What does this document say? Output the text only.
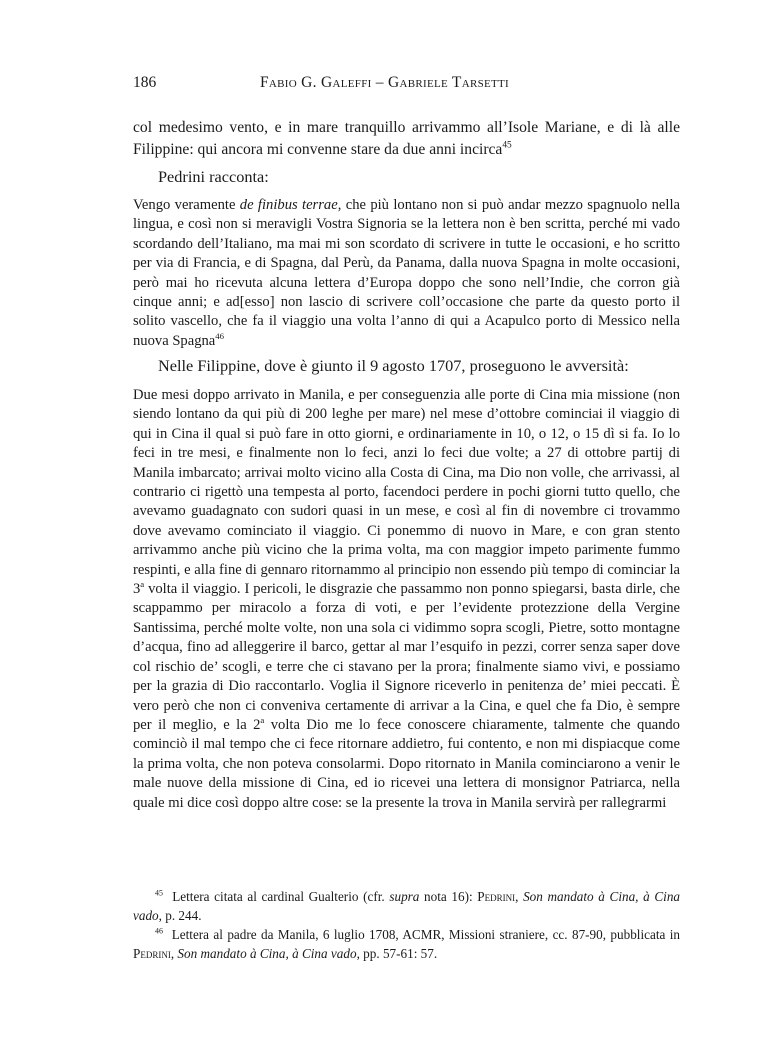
186	Fabio G. Galeffi – Gabriele Tarsetti

col medesimo vento, e in mare tranquillo arrivammo all’Isole Mariane, e di là alle Filippine: qui ancora mi convenne stare da due anni incirca$^{45}$

Pedrini racconta:

Vengo veramente de finibus terrae, che più lontano non si può andar mezzo spagnuolo nella lingua, e così non si meravigli Vostra Signoria se la lettera non è ben scritta, perché mi vado scordando dell’Italiano, ma mai mi son scordato di scrivere in tutte le occasioni, e ho scritto per via di Francia, e di Spagna, dal Perù, da Panama, dalla nuova Spagna in molte occasioni, però mai ho ricevuta alcuna lettera d’Europa doppo che sono nell’Indie, che corron già cinque anni; e ad[esso] non lascio di scrivere coll’occasione che parte da questo porto il solito vascello, che fa il viaggio una volta l’anno di qui a Acapulco porto di Messico nella nuova Spagna$^{46}$

Nelle Filippine, dove è giunto il 9 agosto 1707, proseguono le avversità:

Due mesi doppo arrivato in Manila, e per conseguenzia alle porte di Cina mia missione (non siendo lontano da qui più di 200 leghe per mare) nel mese d’ottobre cominciai il viaggio di qui in Cina il qual si può fare in otto giorni, e ordinariamente in 10, o 12, o 15 dì si fa. Io lo feci in tre mesi, e finalmente non lo feci, anzi lo feci due volte; a 27 di ottobre partij di Manila imbarcato; arrivai molto vicino alla Costa di Cina, ma Dio non volle, che arrivassi, al contrario ci rigettò una tempesta al porto, facendoci perdere in pochi giorni tutto quello, che avevamo guadagnato con sudori quasi in un mese, e così al fin di novembre ci trovammo dove avevamo cominciato il viaggio. Ci ponemmo di nuovo in Mare, e con gran stento arrivammo anche più vicino che la prima volta, ma con maggior impeto parimente fummo respinti, e alla fine di gennaro ritornammo al principio non essendo più tempo di cominciar la 3$^a$ volta il viaggio. I pericoli, le disgrazie che passammo non ponno spiegarsi, basta dirle, che scappammo per miracolo a forza di voti, e per l’evidente protezzione della Vergine Santissima, perché molte volte, non una sola ci vidimmo sopra scogli, Pietre, sotto montagne d’acqua, fino ad alleggerire il barco, gettar al mar l’esquifo in pezzi, correr senza saper dove col rischio de’ scogli, e terre che ci stavano per la prora; finalmente siamo vivi, e possiamo per la grazia di Dio raccontarlo. Voglia il Signore riceverlo in penitenza de’ miei peccati. È vero però che non ci conveniva certamente di arrivar a la Cina, e quel che fa Dio, è sempre per il meglio, e la 2$^a$ volta Dio me lo fece conoscere chiaramente, talmente che quando cominciò il mal tempo che ci fece ritornare addietro, fui contento, e non mi dispiacque come la prima volta, che non poteva consolarmi. Dopo ritornato in Manila cominciarono a venir le male nuove della missione di Cina, ed io ricevei una lettera di monsignor Patriarca, nella quale mi dice così doppo altre cose: se la presente la trova in Manila servirà per rallegrarmi

$^{45}$ Lettera citata al cardinal Gualterio (cfr. supra nota 16): Pedrini, Son mandato à Cina, à Cina vado, p. 244.

$^{46}$ Lettera al padre da Manila, 6 luglio 1708, ACMR, Missioni straniere, cc. 87-90, pubblicata in Pedrini, Son mandato à Cina, à Cina vado, pp. 57-61: 57.
